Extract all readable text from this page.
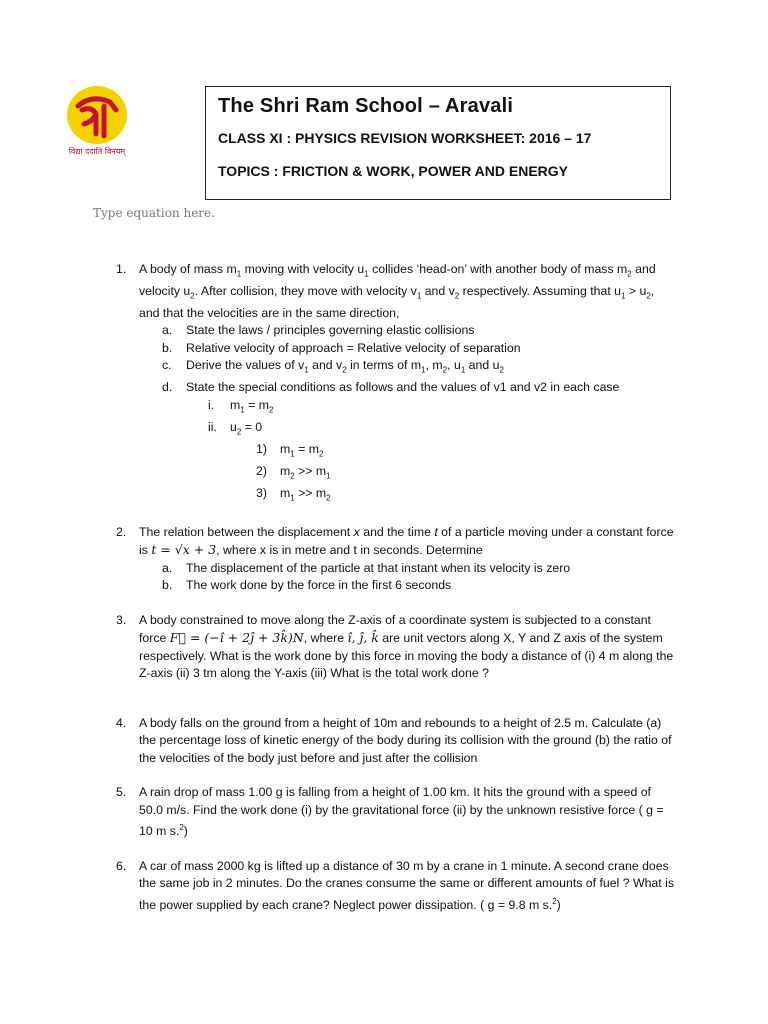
विद्या ददाति विनयम्
The Shri Ram School – Aravali
CLASS XI : PHYSICS REVISION WORKSHEET: 2016 – 17
TOPICS : FRICTION & WORK, POWER AND ENERGY
Type equation here.
1. A body of mass $m_1$ moving with velocity $u_1$ collides ‘head-on’ with another body of mass $m_2$ and velocity $u_2$. After collision, they move with velocity $v_1$ and $v_2$ respectively. Assuming that $u_1 > u_2$, and that the velocities are in the same direction,
a. State the laws / principles governing elastic collisions
b. Relative velocity of approach = Relative velocity of separation
c. Derive the values of $v_1$ and $v_2$ in terms of $m_1$, $m_2$, $u_1$ and $u_2$
d. State the special conditions as follows and the values of v1 and v2 in each case
i. $m_1 = m_2$
ii. $u_2 = 0$
1) $m_1 = m_2$
2) $m_2 >> m_1$
3) $m_1 >> m_2$
2. The relation between the displacement x and the time t of a particle moving under a constant force is t = √x + 3, where x is in metre and t in seconds. Determine
a. The displacement of the particle at that instant when its velocity is zero
b. The work done by the force in the first 6 seconds
3. A body constrained to move along the Z-axis of a coordinate system is subjected to a constant force F⃗ = (−î + 2ĵ + 3k̂)N, where î, ĵ, k̂ are unit vectors along X, Y and Z axis of the system respectively. What is the work done by this force in moving the body a distance of (i) 4 m along the Z-axis (ii) 3 tm along the Y-axis (iii) What is the total work done ?
4. A body falls on the ground from a height of 10m and rebounds to a height of 2.5 m. Calculate (a) the percentage loss of kinetic energy of the body during its collision with the ground (b) the ratio of the velocities of the body just before and just after the collision
5. A rain drop of mass 1.00 g is falling from a height of 1.00 km. It hits the ground with a speed of 50.0 m/s. Find the work done (i) by the gravitational force (ii) by the unknown resistive force ( g = 10 m s.$^2$)
6. A car of mass 2000 kg is lifted up a distance of 30 m by a crane in 1 minute. A second crane does the same job in 2 minutes. Do the cranes consume the same or different amounts of fuel ? What is the power supplied by each crane? Neglect power dissipation. ( g = 9.8 m s.$^2$)
